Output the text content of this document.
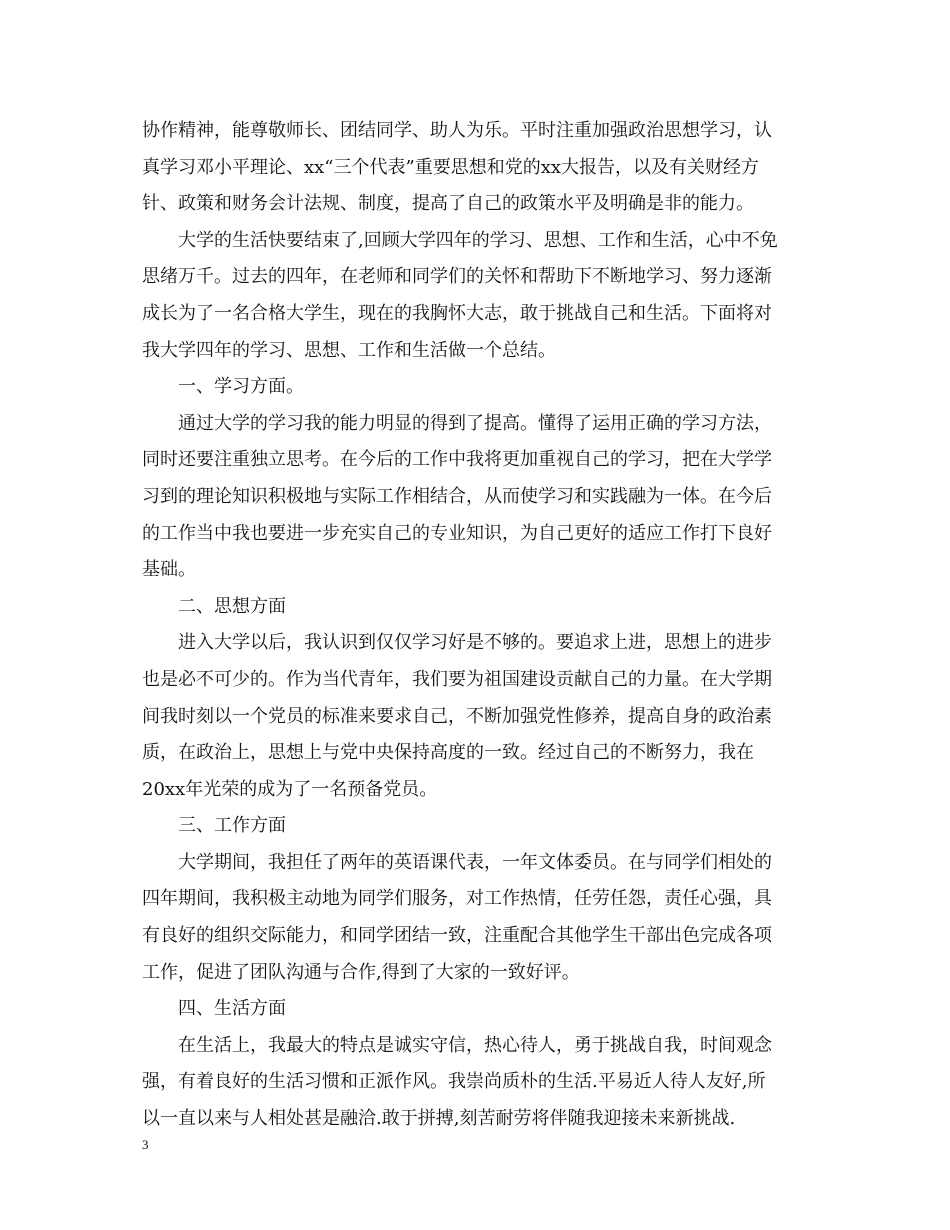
协作精神，能尊敬师长、团结同学、助人为乐。平时注重加强政治思想学习，认
真学习邓小平理论、xx“三个代表”重要思想和党的xx大报告，以及有关财经方
针、政策和财务会计法规、制度，提高了自己的政策水平及明确是非的能力。
大学的生活快要结束了,回顾大学四年的学习、思想、工作和生活，心中不免
思绪万千。过去的四年，在老师和同学们的关怀和帮助下不断地学习、努力逐渐
成长为了一名合格大学生，现在的我胸怀大志，敢于挑战自己和生活。下面将对
我大学四年的学习、思想、工作和生活做一个总结。
一、学习方面。
通过大学的学习我的能力明显的得到了提高。懂得了运用正确的学习方法，
同时还要注重独立思考。在今后的工作中我将更加重视自己的学习，把在大学学
习到的理论知识积极地与实际工作相结合，从而使学习和实践融为一体。在今后
的工作当中我也要进一步充实自己的专业知识，为自己更好的适应工作打下良好
基础。
二、思想方面
进入大学以后，我认识到仅仅学习好是不够的。要追求上进，思想上的进步
也是必不可少的。作为当代青年，我们要为祖国建设贡献自己的力量。在大学期
间我时刻以一个党员的标准来要求自己，不断加强党性修养，提高自身的政治素
质，在政治上，思想上与党中央保持高度的一致。经过自己的不断努力，我在
20xx年光荣的成为了一名预备党员。
三、工作方面
大学期间，我担任了两年的英语课代表，一年文体委员。在与同学们相处的
四年期间，我积极主动地为同学们服务，对工作热情，任劳任怨，责任心强，具
有良好的组织交际能力，和同学团结一致，注重配合其他学生干部出色完成各项
工作，促进了团队沟通与合作,得到了大家的一致好评。
四、生活方面
在生活上，我最大的特点是诚实守信，热心待人，勇于挑战自我，时间观念
强，有着良好的生活习惯和正派作风。我崇尚质朴的生活.平易近人待人友好,所
以一直以来与人相处甚是融洽.敢于拼搏,刻苦耐劳将伴随我迎接未来新挑战.
3
